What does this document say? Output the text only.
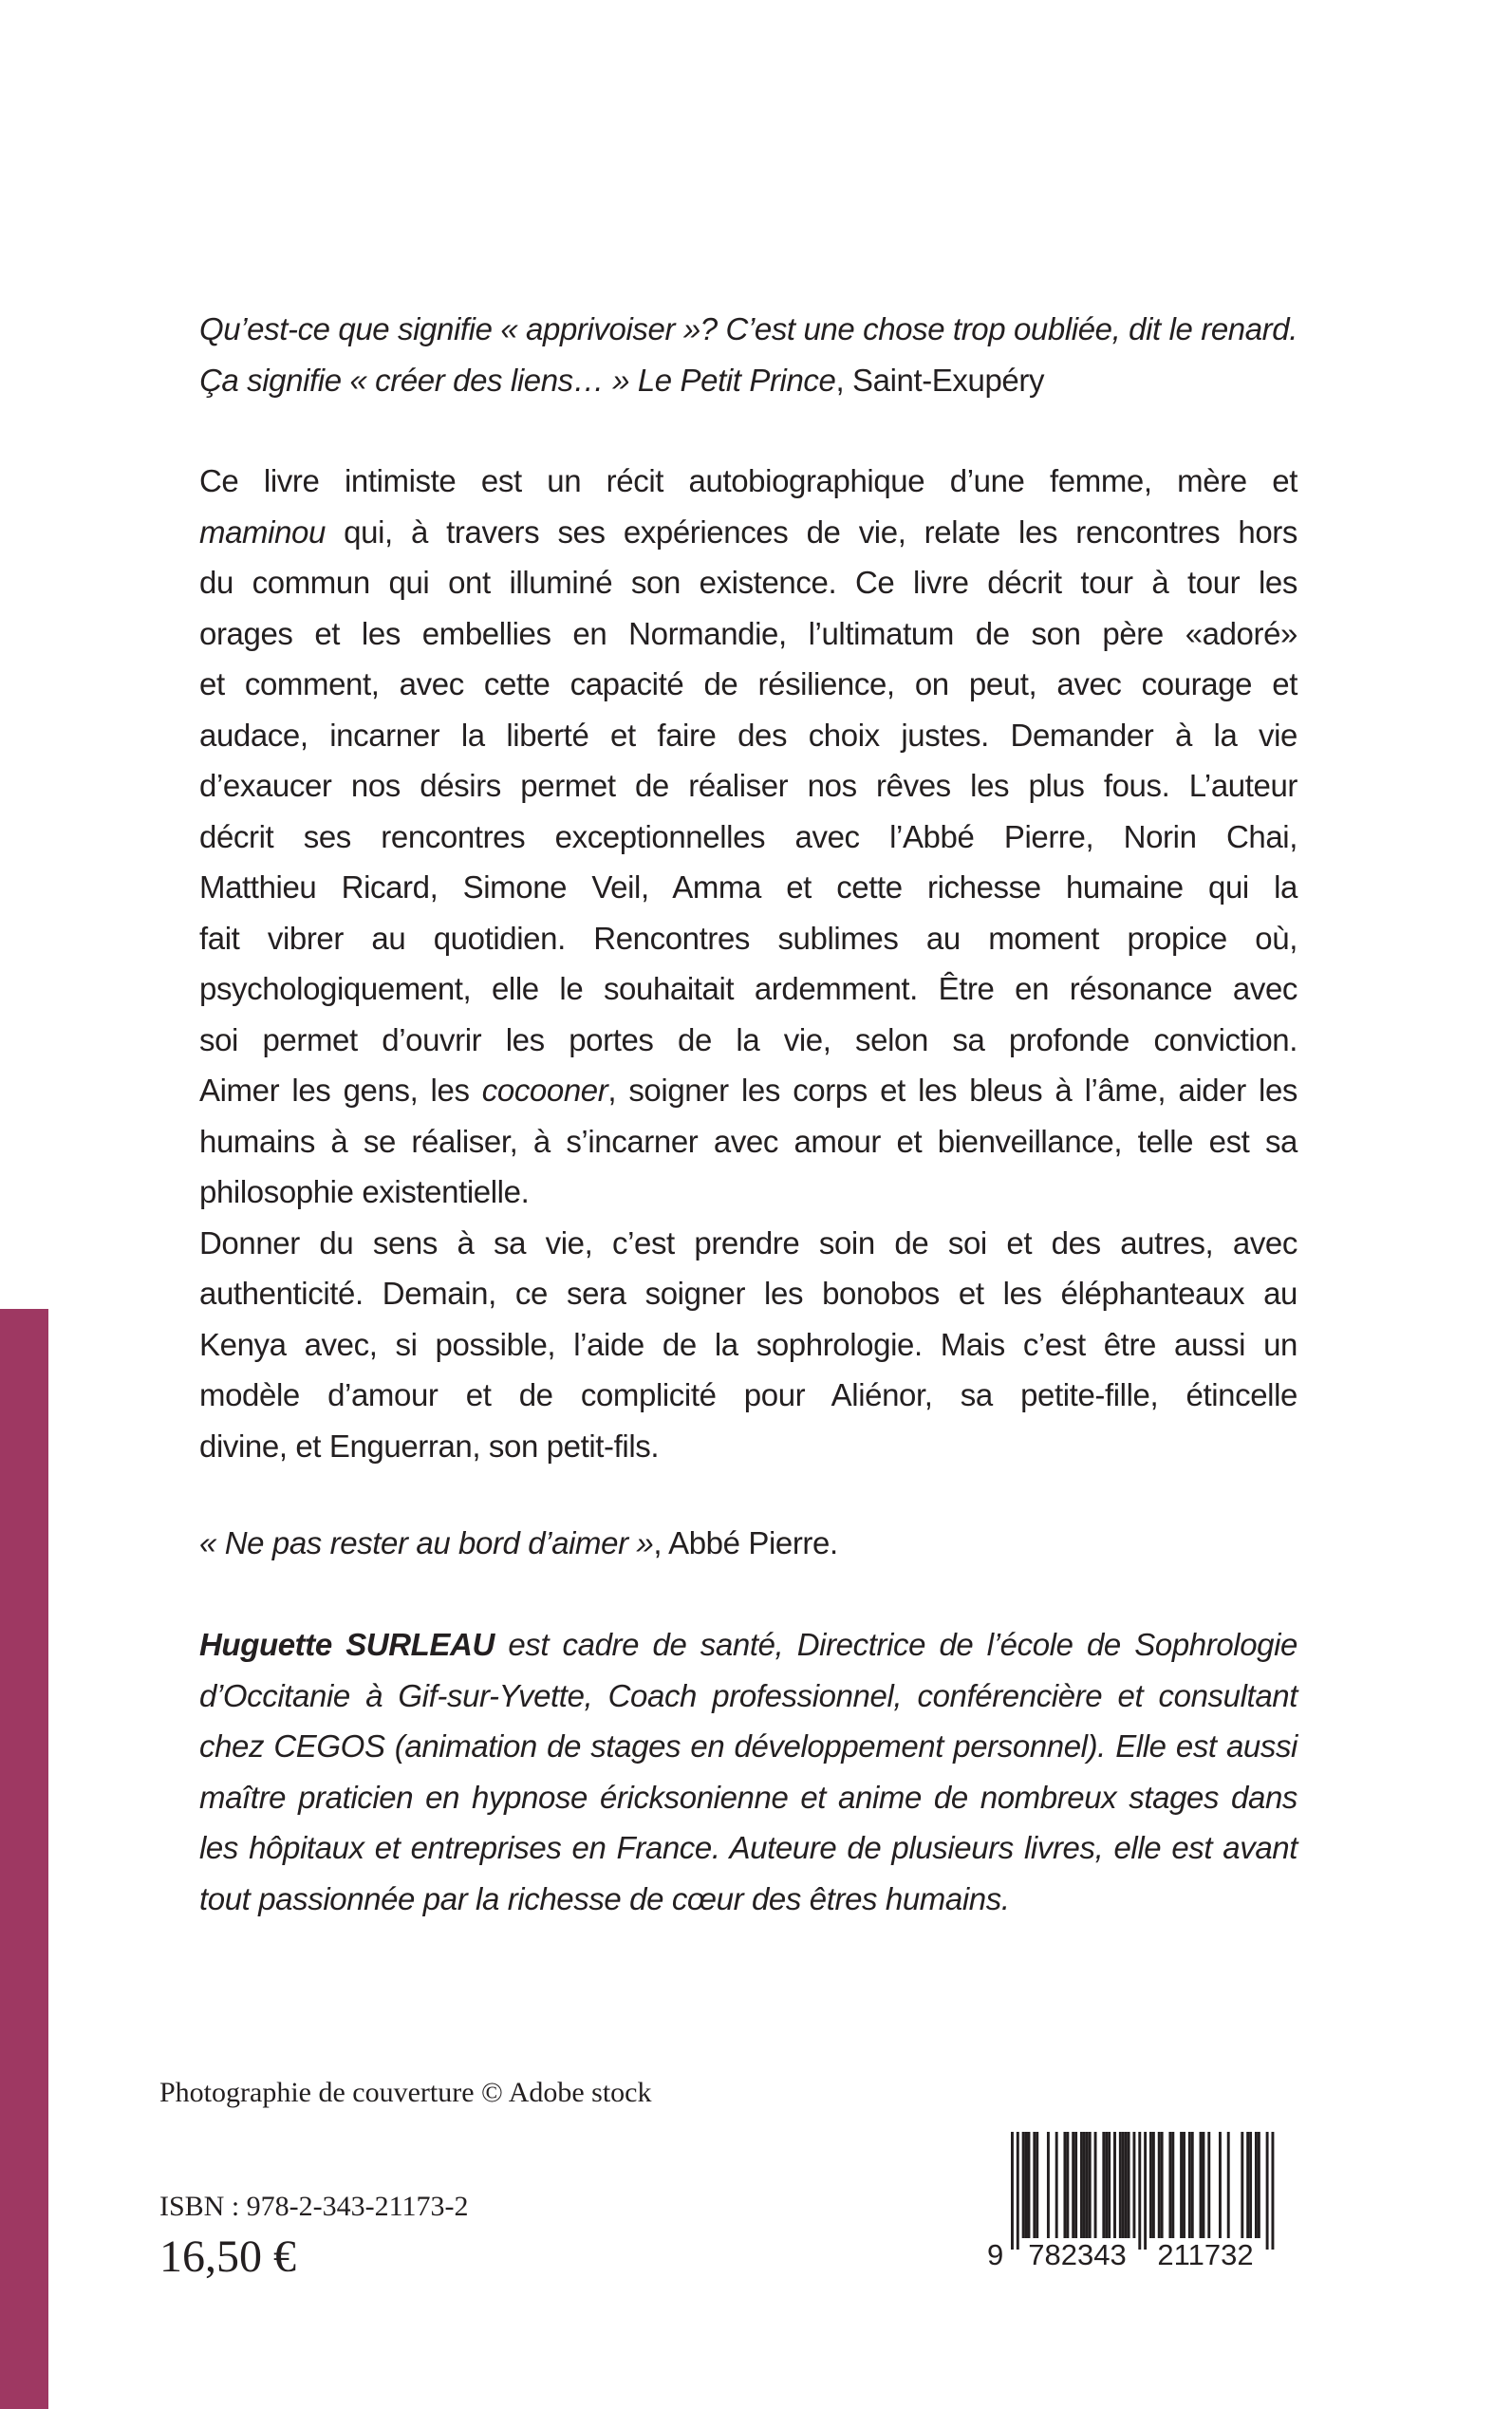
Qu’est-ce que signifie « apprivoiser »? C’est une chose trop oubliée, dit le renard.
Ça signifie « créer des liens… » Le Petit Prince, Saint-Exupéry
Ce livre intimiste est un récit autobiographique d’une femme, mère et
maminou qui, à travers ses expériences de vie, relate les rencontres hors
du commun qui ont illuminé son existence. Ce livre décrit tour à tour les
orages et les embellies en Normandie, l’ultimatum de son père «adoré»
et comment, avec cette capacité de résilience, on peut, avec courage et
audace, incarner la liberté et faire des choix justes. Demander à la vie
d’exaucer nos désirs permet de réaliser nos rêves les plus fous. L’auteur
décrit ses rencontres exceptionnelles avec l’Abbé Pierre, Norin Chai,
Matthieu Ricard, Simone Veil, Amma et cette richesse humaine qui la
fait vibrer au quotidien. Rencontres sublimes au moment propice où,
psychologiquement, elle le souhaitait ardemment. Être en résonance avec
soi permet d’ouvrir les portes de la vie, selon sa profonde conviction.
Aimer les gens, les cocooner, soigner les corps et les bleus à l’âme, aider les
humains à se réaliser, à s’incarner avec amour et bienveillance, telle est sa
philosophie existentielle.
Donner du sens à sa vie, c’est prendre soin de soi et des autres, avec
authenticité. Demain, ce sera soigner les bonobos et les éléphanteaux au
Kenya avec, si possible, l’aide de la sophrologie. Mais c’est être aussi un
modèle d’amour et de complicité pour Aliénor, sa petite-fille, étincelle
divine, et Enguerran, son petit-fils.
« Ne pas rester au bord d’aimer », Abbé Pierre.
Huguette SURLEAU est cadre de santé, Directrice de l’école de Sophrologie
d’Occitanie à Gif-sur-Yvette, Coach professionnel, conférencière et consultant
chez CEGOS (animation de stages en développement personnel). Elle est aussi
maître praticien en hypnose éricksonienne et anime de nombreux stages dans
les hôpitaux et entreprises en France. Auteure de plusieurs livres, elle est avant
tout passionnée par la richesse de cœur des êtres humains.
Photographie de couverture © Adobe stock
ISBN : 978-2-343-21173-2
16,50 €	9 782343 211732
